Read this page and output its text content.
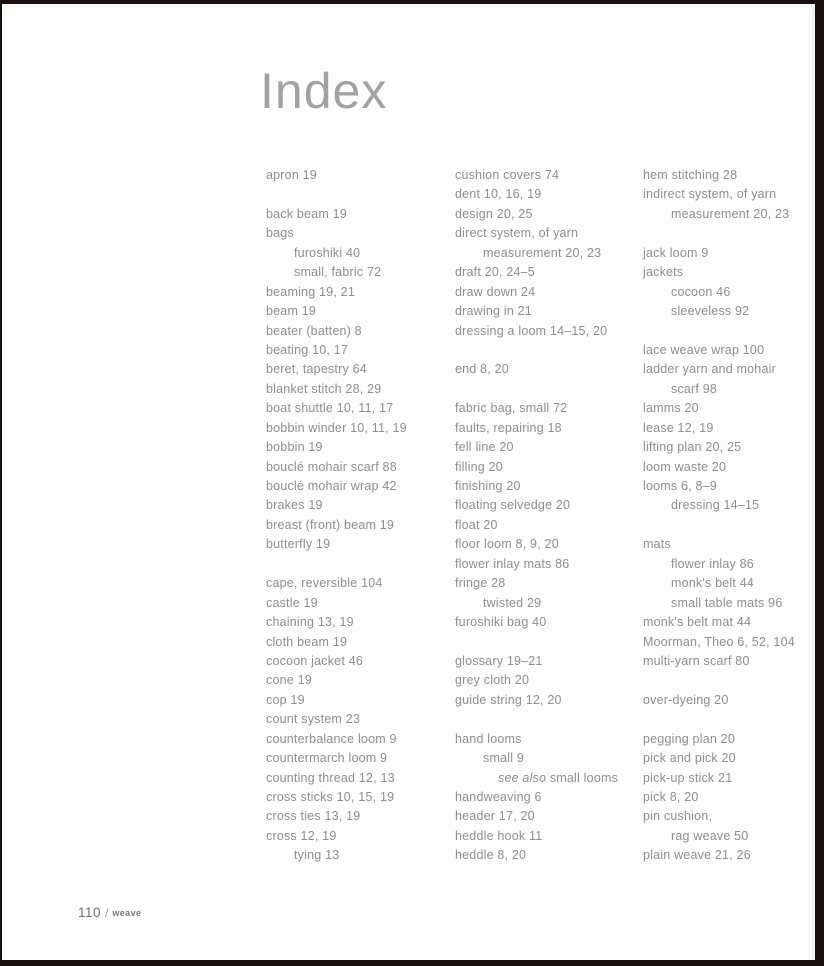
Index
apron 19
back beam 19
bags
furoshiki 40
small, fabric 72
beaming 19, 21
beam 19
beater (batten) 8
beating 10, 17
beret, tapestry 64
blanket stitch 28, 29
boat shuttle 10, 11, 17
bobbin winder 10, 11, 19
bobbin 19
bouclé mohair scarf 88
bouclé mohair wrap 42
brakes 19
breast (front) beam 19
butterfly 19
cape, reversible 104
castle 19
chaining 13, 19
cloth beam 19
cocoon jacket 46
cone 19
cop 19
count system 23
counterbalance loom 9
countermarch loom 9
counting thread 12, 13
cross sticks 10, 15, 19
cross ties 13, 19
cross 12, 19
tying 13
cushion covers 74
dent 10, 16, 19
design 20, 25
direct system, of yarn
measurement 20, 23
draft 20, 24–5
draw down 24
drawing in 21
dressing a loom 14–15, 20
end 8, 20
fabric bag, small 72
faults, repairing 18
fell line 20
filling 20
finishing 20
floating selvedge 20
float 20
floor loom 8, 9, 20
flower inlay mats 86
fringe 28
twisted 29
furoshiki bag 40
glossary 19–21
grey cloth 20
guide string 12, 20
hand looms
small 9
see also small looms
handweaving 6
header 17, 20
heddle hook 11
heddle 8, 20
hem stitching 28
indirect system, of yarn
measurement 20, 23
jack loom 9
jackets
cocoon 46
sleeveless 92
lace weave wrap 100
ladder yarn and mohair
scarf 98
lamms 20
lease 12, 19
lifting plan 20, 25
loom waste 20
looms 6, 8–9
dressing 14–15
mats
flower inlay 86
monk's belt 44
small table mats 96
monk's belt mat 44
Moorman, Theo 6, 52, 104
multi-yarn scarf 80
over-dyeing 20
pegging plan 20
pick and pick 20
pick-up stick 21
pick 8, 20
pin cushion,
rag weave 50
plain weave 21, 26
110 / weave
